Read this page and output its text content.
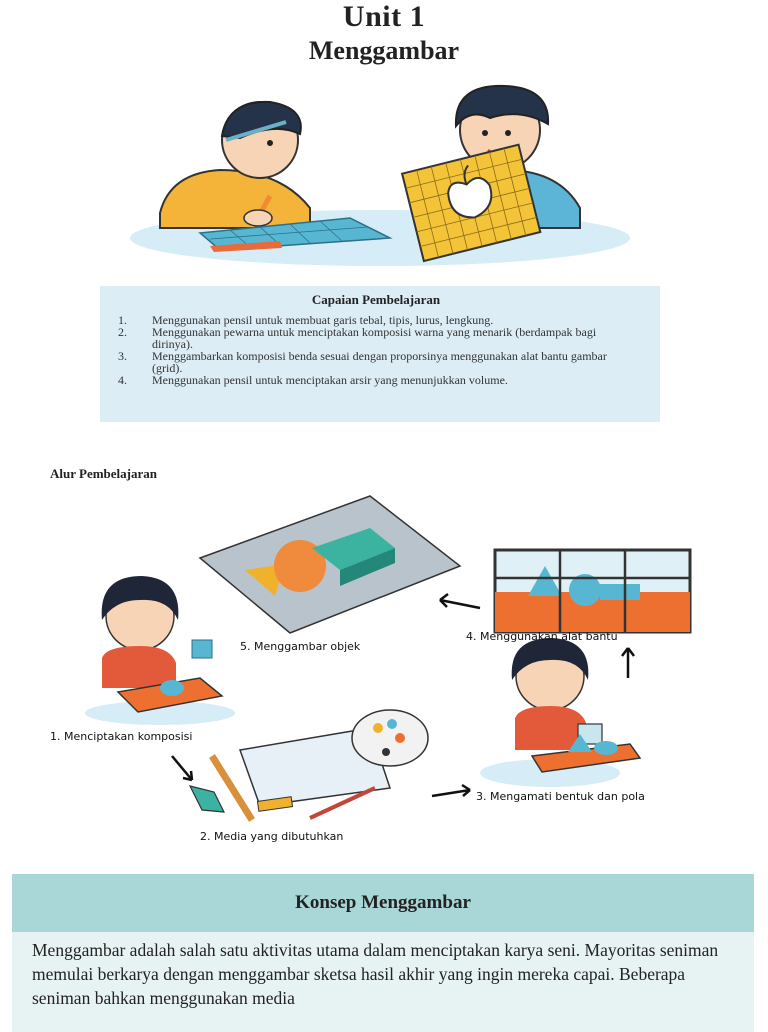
Unit 1
Menggambar
Capaian Pembelajaran
1.	Menggunakan pensil untuk membuat garis tebal, tipis, lurus, lengkung.
2.	Menggunakan pewarna untuk menciptakan komposisi warna yang menarik (berdampak bagi dirinya).
3.	Menggambarkan komposisi benda sesuai dengan proporsinya menggunakan alat bantu gambar (grid).
4.	Menggunakan pensil untuk menciptakan arsir yang menunjukkan volume.
Alur Pembelajaran
5. Menggambar objek
4. Menggunakan alat bantu
1. Menciptakan komposisi
3. Mengamati bentuk dan pola
2. Media yang dibutuhkan
Konsep Menggambar

Menggambar adalah salah satu aktivitas utama dalam menciptakan karya seni. Mayoritas seniman memulai berkarya dengan menggambar sketsa hasil akhir yang ingin mereka capai. Beberapa seniman bahkan menggunakan media
